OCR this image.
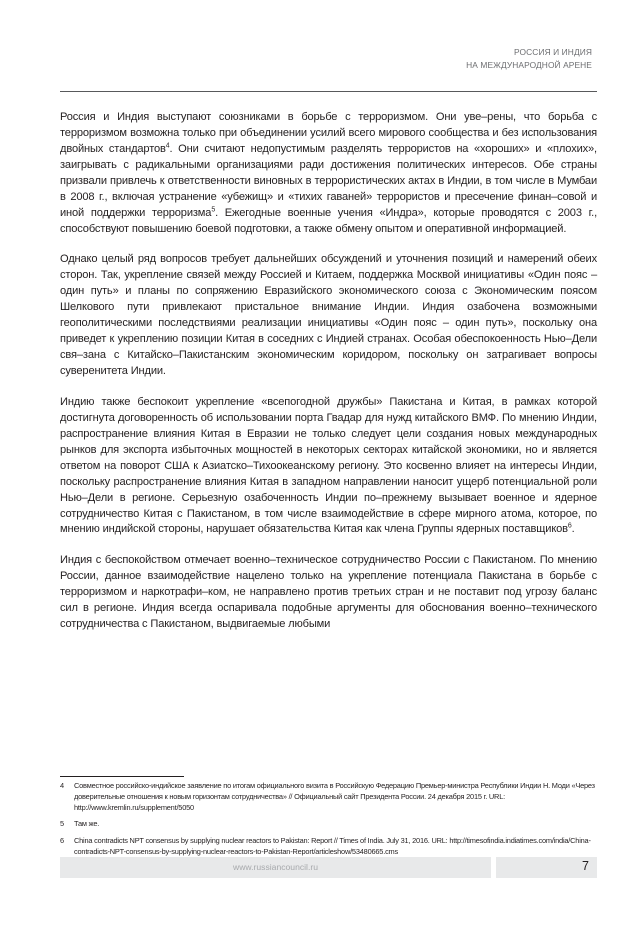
РОССИЯ И ИНДИЯ
НА МЕЖДУНАРОДНОЙ АРЕНЕ

Россия и Индия выступают союзниками в борьбе с терроризмом. Они уве–рены, что борьба с терроризмом возможна только при объединении усилий всего мирового сообщества и без использования двойных стандартов$^4$. Они считают недопустимым разделять террористов на «хороших» и «плохих», заигрывать с радикальными организациями ради достижения политических интересов. Обе страны призвали привлечь к ответственности виновных в террористических актах в Индии, в том числе в Мумбаи в 2008 г., включая устранение «убежищ» и «тихих гаваней» террористов и пресечение финан–совой и иной поддержки терроризма$^5$. Ежегодные военные учения «Индра», которые проводятся с 2003 г., способствуют повышению боевой подготовки, а также обмену опытом и оперативной информацией.

Однако целый ряд вопросов требует дальнейших обсуждений и уточнения позиций и намерений обеих сторон. Так, укрепление связей между Россией и Китаем, поддержка Москвой инициативы «Один пояс – один путь» и планы по сопряжению Евразийского экономического союза с Экономическим поясом Шелкового пути привлекают пристальное внимание Индии. Индия озабочена возможными геополитическими последствиями реализации инициативы «Один пояс – один путь», поскольку она приведет к укреплению позиции Китая в соседних с Индией странах. Особая обеспокоенность Нью–Дели свя–зана с Китайско–Пакистанским экономическим коридором, поскольку он затрагивает вопросы суверенитета Индии.

Индию также беспокоит укрепление «всепогодной дружбы» Пакистана и Китая, в рамках которой достигнута договоренность об использовании порта Гвадар для нужд китайского ВМФ. По мнению Индии, распространение влияния Китая в Евразии не только следует цели создания новых международных рынков для экспорта избыточных мощностей в некоторых секторах китайской экономики, но и является ответом на поворот США к Азиатско–Тихоокеанскому региону. Это косвенно влияет на интересы Индии, поскольку распространение влияния Китая в западном направлении наносит ущерб потенциальной роли Нью–Дели в регионе. Серьезную озабоченность Индии по–прежнему вызывает военное и ядерное сотрудничество Китая с Пакистаном, в том числе взаимодействие в сфере мирного атома, которое, по мнению индийской стороны, нарушает обязательства Китая как члена Группы ядерных поставщиков$^6$.

Индия с беспокойством отмечает военно–техническое сотрудничество России с Пакистаном. По мнению России, данное взаимодействие нацелено только на укрепление потенциала Пакистана в борьбе с терроризмом и наркотрафи–ком, не направлено против третьих стран и не поставит под угрозу баланс сил в регионе. Индия всегда оспаривала подобные аргументы для обоснования военно–технического сотрудничества с Пакистаном, выдвигаемые любыми

4	Совместное российско-индийское заявление по итогам официального визита в Российскую Федерацию Премьер-министра Республики Индии Н. Моди «Через доверительные отношения к новым горизонтам сотрудничества» // Официальный сайт Президента России. 24 декабря 2015 г. URL: http://www.kremlin.ru/supplement/5050
5	Там же.
6	China contradicts NPT consensus by supplying nuclear reactors to Pakistan: Report // Times of India. July 31, 2016. URL: http://timesofindia.indiatimes.com/india/China-contradicts-NPT-consensus-by-supplying-nuclear-reactors-to-Pakistan-Report/articleshow/53480665.cms
www.russiancouncil.ru	7
